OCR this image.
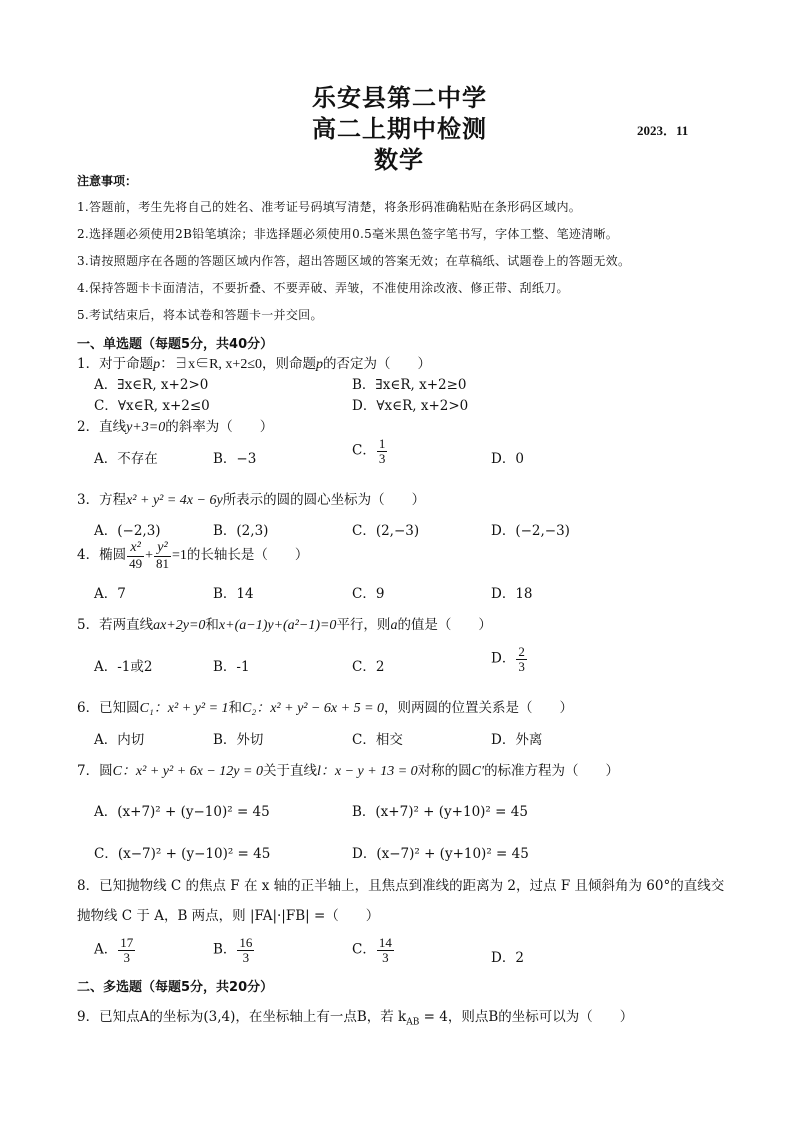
乐安县第二中学
高二上期中检测	2023．11
数学
注意事项：
1.答题前，考生先将自己的姓名、准考证号码填写清楚，将条形码准确粘贴在条形码区域内。
2.选择题必须使用2B铅笔填涂；非选择题必须使用0.5毫米黑色签字笔书写，字体工整、笔迹清晰。
3.请按照题序在各题的答题区域内作答，超出答题区域的答案无效；在草稿纸、试题卷上的答题无效。
4.保持答题卡卡面清洁，不要折叠、不要弄破、弄皱，不准使用涂改液、修正带、刮纸刀。
5.考试结束后，将本试卷和答题卡一并交回。
一、单选题（每题5分，共40分）
1．对于命题p：∃x∈R, x+2≤0，则命题p的否定为（　　）
A．∃x∈R, x+2>0	B．∃x∈R, x+2≥0
C．∀x∈R, x+2≤0	D．∀x∈R, x+2>0
2．直线y+3=0的斜率为（　　）
A．不存在	B．−3
C． $\frac{1}{3}$	D．0
3．方程x² + y² = 4x − 6y所表示的圆的圆心坐标为（　　）
A．(−2,3)	B．(2,3)	C．(2,−3)	D．(−2,−3)
4．椭圆 $\frac{\text{x²}}{49} + \frac{\text{y²}}{81} =1$的长轴长是（　　）
A．7	B．14	C．9	D．18
5．若两直线ax+2y=0和x+(a−1)y+(a²−1)=0平行，则a的值是（　　）
A．-1或2	B．-1	C．2
D． $\frac{2}{3}$
6．已知圆C₁：x² + y² = 1和C₂：x² + y² − 6x + 5 = 0，则两圆的位置关系是（　　）
A．内切	B．外切	C．相交	D．外离
7．圆C：x² + y² + 6x − 12y = 0关于直线l：x − y + 13 = 0对称的圆C′的标准方程为（　　）
A．(x+7)² + (y−10)² = 45	B．(x+7)² + (y+10)² = 45
C．(x−7)² + (y−10)² = 45	D．(x−7)² + (y+10)² = 45
8．已知抛物线 C 的焦点 F 在 x 轴的正半轴上，且焦点到准线的距离为 2，过点 F 且倾斜角为 60°的直线交
抛物线 C 于 A，B 两点，则 |FA|·|FB| =（　　）
A． $\frac{17}{3}$	B． $\frac{16}{3}$	C． $\frac{14}{3}$	D．2
二、多选题（每题5分，共20分）
9．已知点A的坐标为(3,4)，在坐标轴上有一点B，若 $k_{AB} = 4$，则点B的坐标可以为（　　）
